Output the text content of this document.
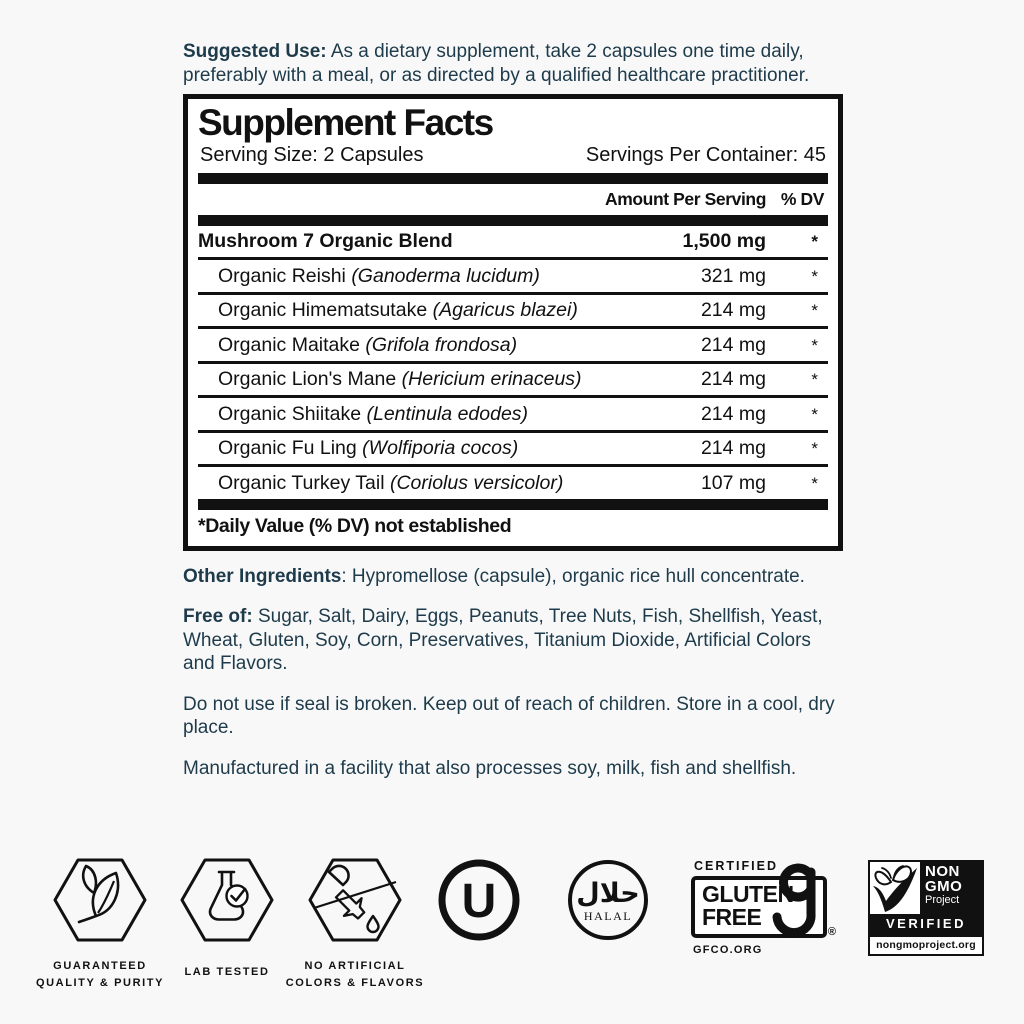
Suggested Use: As a dietary supplement, take 2 capsules one time daily, preferably with a meal, or as directed by a qualified healthcare practitioner.

Supplement Facts
Serving Size: 2 Capsules	Servings Per Container: 45
Amount Per Serving % DV
Mushroom 7 Organic Blend	1,500 mg	*
Organic Reishi (Ganoderma lucidum)	321 mg	*
Organic Himematsutake (Agaricus blazei)	214 mg	*
Organic Maitake (Grifola frondosa)	214 mg	*
Organic Lion's Mane (Hericium erinaceus)	214 mg	*
Organic Shiitake (Lentinula edodes)	214 mg	*
Organic Fu Ling (Wolfiporia cocos)	214 mg	*
Organic Turkey Tail (Coriolus versicolor)	107 mg	*
*Daily Value (% DV) not established

Other Ingredients: Hypromellose (capsule), organic rice hull concentrate.

Free of: Sugar, Salt, Dairy, Eggs, Peanuts, Tree Nuts, Fish, Shellfish, Yeast, Wheat, Gluten, Soy, Corn, Preservatives, Titanium Dioxide, Artificial Colors and Flavors.

Do not use if seal is broken. Keep out of reach of children. Store in a cool, dry place.

Manufactured in a facility that also processes soy, milk, fish and shellfish.

GUARANTEED
QUALITY & PURITY
LAB TESTED	NO ARTIFICIAL
COLORS & FLAVORS
U	حلال
HALAL
CERTIFIED
GLUTEN
FREE
®
GFCO.ORG
NON
GMO
Project
VERIFIED
nongmoproject.org
